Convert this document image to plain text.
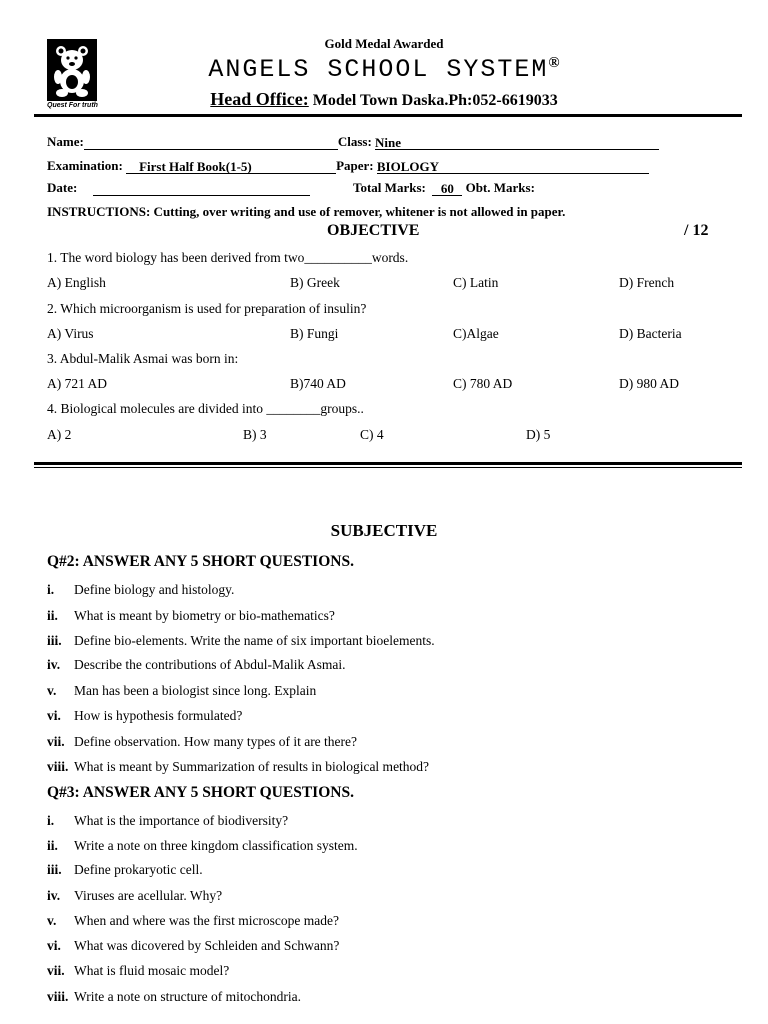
Quest For truth
Gold Medal Awarded
ANGELS SCHOOL SYSTEM®
Head Office: Model Town Daska.Ph:052-6619033
Name:	Class: Nine
Examination: First Half Book(1-5)	Paper: BIOLOGY
Date:	Total Marks: 60 Obt. Marks:
INSTRUCTIONS: Cutting, over writing and use of remover, whitener is not allowed in paper.
OBJECTIVE	/ 12
1. The word biology has been derived from two__________words.
A) English	B) Greek	C) Latin	D) French
2. Which microorganism is used for preparation of insulin?
A) Virus	B) Fungi	C)Algae	D) Bacteria
3. Abdul-Malik Asmai was born in:
A) 721 AD	B)740 AD	C) 780 AD	D) 980 AD
4. Biological molecules are divided into ________groups..
A) 2	B) 3	C) 4	D) 5
SUBJECTIVE
Q#2: ANSWER ANY 5 SHORT QUESTIONS.
i. Define biology and histology.
ii. What is meant by biometry or bio-mathematics?
iii. Define bio-elements. Write the name of six important bioelements.
iv. Describe the contributions of Abdul-Malik Asmai.
v. Man has been a biologist since long. Explain
vi. How is hypothesis formulated?
vii. Define observation. How many types of it are there?
viii. What is meant by Summarization of results in biological method?
Q#3: ANSWER ANY 5 SHORT QUESTIONS.
i. What is the importance of biodiversity?
ii. Write a note on three kingdom classification system.
iii. Define prokaryotic cell.
iv. Viruses are acellular. Why?
v. When and where was the first microscope made?
vi. What was dicovered by Schleiden and Schwann?
vii. What is fluid mosaic model?
viii. Write a note on structure of mitochondria.
